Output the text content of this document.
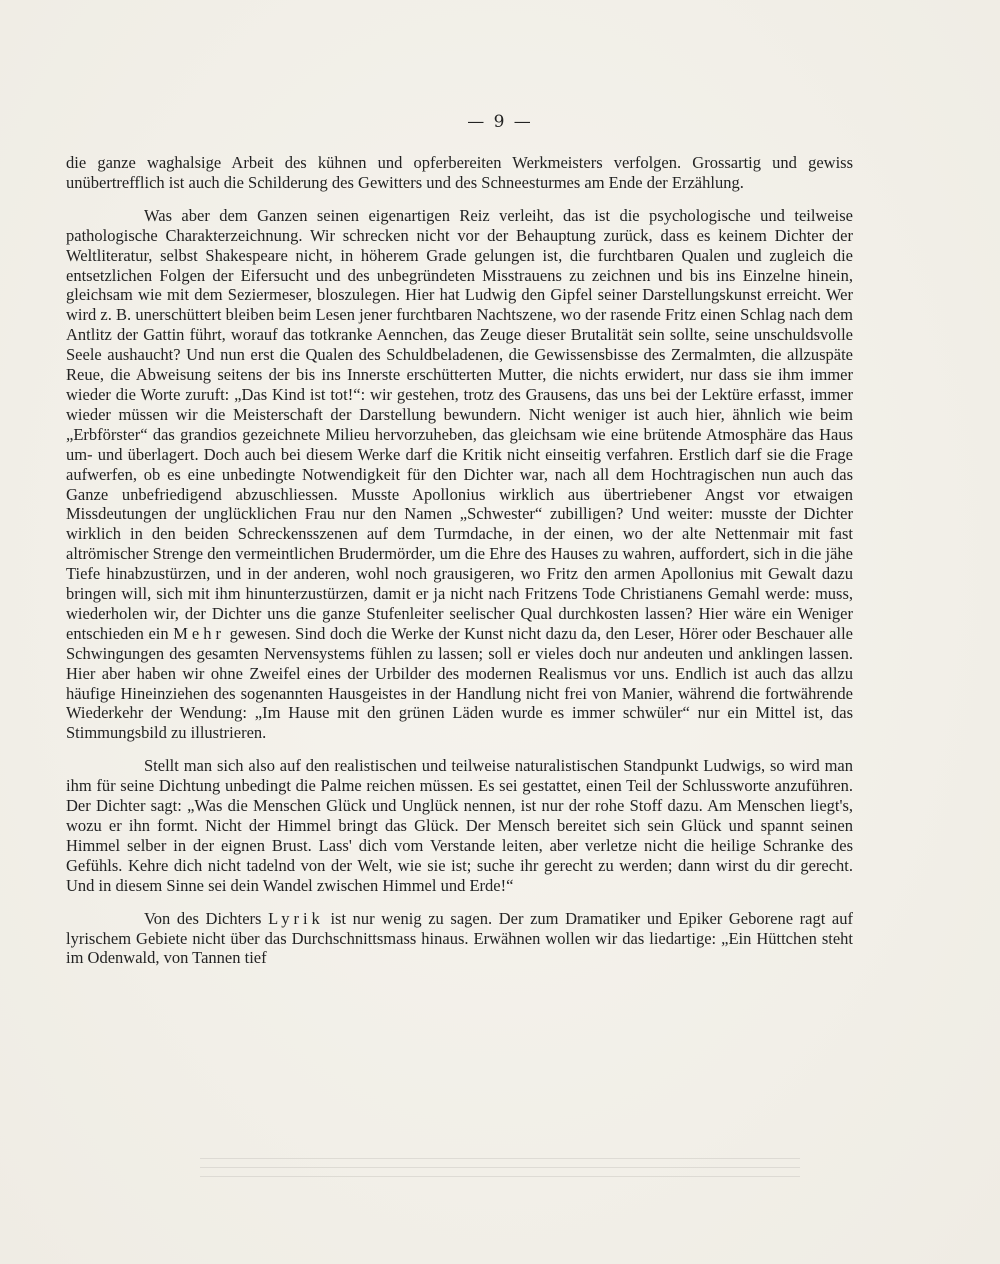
— 9 —

die ganze waghalsige Arbeit des kühnen und opferbereiten Werkmeisters verfolgen. Grossartig und gewiss unübertrefflich ist auch die Schilderung des Gewitters und des Schneesturmes am Ende der Erzählung.

Was aber dem Ganzen seinen eigenartigen Reiz verleiht, das ist die psychologische und teilweise pathologische Charakterzeichnung. Wir schrecken nicht vor der Behauptung zurück, dass es keinem Dichter der Weltliteratur, selbst Shakespeare nicht, in höherem Grade gelungen ist, die furchtbaren Qualen und zugleich die entsetzlichen Folgen der Eifersucht und des unbegründeten Misstrauens zu zeichnen und bis ins Einzelne hinein, gleichsam wie mit dem Seziermeser, bloszulegen. Hier hat Ludwig den Gipfel seiner Darstellungskunst erreicht. Wer wird z. B. unerschüttert bleiben beim Lesen jener furchtbaren Nachtszene, wo der rasende Fritz einen Schlag nach dem Antlitz der Gattin führt, worauf das totkranke Aennchen, das Zeuge dieser Brutalität sein sollte, seine unschuldsvolle Seele aushaucht? Und nun erst die Qualen des Schuldbeladenen, die Gewissensbisse des Zermalmten, die allzuspäte Reue, die Abweisung seitens der bis ins Innerste erschütterten Mutter, die nichts erwidert, nur dass sie ihm immer wieder die Worte zuruft: „Das Kind ist tot!“: wir gestehen, trotz des Grausens, das uns bei der Lektüre erfasst, immer wieder müssen wir die Meisterschaft der Darstellung bewundern. Nicht weniger ist auch hier, ähnlich wie beim „Erbförster“ das grandios gezeichnete Milieu hervorzuheben, das gleichsam wie eine brütende Atmosphäre das Haus um- und überlagert. Doch auch bei diesem Werke darf die Kritik nicht einseitig verfahren. Erstlich darf sie die Frage aufwerfen, ob es eine unbedingte Notwendigkeit für den Dichter war, nach all dem Hochtragischen nun auch das Ganze unbefriedigend abzuschliessen. Musste Apollonius wirklich aus übertriebener Angst vor etwaigen Missdeutungen der unglücklichen Frau nur den Namen „Schwester“ zubilligen? Und weiter: musste der Dichter wirklich in den beiden Schreckensszenen auf dem Turmdache, in der einen, wo der alte Nettenmair mit fast altrömischer Strenge den vermeintlichen Brudermörder, um die Ehre des Hauses zu wahren, auffordert, sich in die jähe Tiefe hinabzustürzen, und in der anderen, wohl noch grausigeren, wo Fritz den armen Apollonius mit Gewalt dazu bringen will, sich mit ihm hinunterzustürzen, damit er ja nicht nach Fritzens Tode Christianens Gemahl werde: muss, wiederholen wir, der Dichter uns die ganze Stufenleiter seelischer Qual durchkosten lassen? Hier wäre ein Weniger entschieden ein Mehr gewesen. Sind doch die Werke der Kunst nicht dazu da, den Leser, Hörer oder Beschauer alle Schwingungen des gesamten Nervensystems fühlen zu lassen; soll er vieles doch nur andeuten und anklingen lassen. Hier aber haben wir ohne Zweifel eines der Urbilder des modernen Realismus vor uns. Endlich ist auch das allzu häufige Hineinziehen des sogenannten Hausgeistes in der Handlung nicht frei von Manier, während die fortwährende Wiederkehr der Wendung: „Im Hause mit den grünen Läden wurde es immer schwüler“ nur ein Mittel ist, das Stimmungsbild zu illustrieren.

Stellt man sich also auf den realistischen und teilweise naturalistischen Standpunkt Ludwigs, so wird man ihm für seine Dichtung unbedingt die Palme reichen müssen. Es sei gestattet, einen Teil der Schlussworte anzuführen. Der Dichter sagt: „Was die Menschen Glück und Unglück nennen, ist nur der rohe Stoff dazu. Am Menschen liegt's, wozu er ihn formt. Nicht der Himmel bringt das Glück. Der Mensch bereitet sich sein Glück und spannt seinen Himmel selber in der eignen Brust. Lass' dich vom Verstande leiten, aber verletze nicht die heilige Schranke des Gefühls. Kehre dich nicht tadelnd von der Welt, wie sie ist; suche ihr gerecht zu werden; dann wirst du dir gerecht. Und in diesem Sinne sei dein Wandel zwischen Himmel und Erde!“

Von des Dichters Lyrik ist nur wenig zu sagen. Der zum Dramatiker und Epiker Geborene ragt auf lyrischem Gebiete nicht über das Durchschnittsmass hinaus. Erwähnen wollen wir das liedartige: „Ein Hüttchen steht im Odenwald, von Tannen tief
